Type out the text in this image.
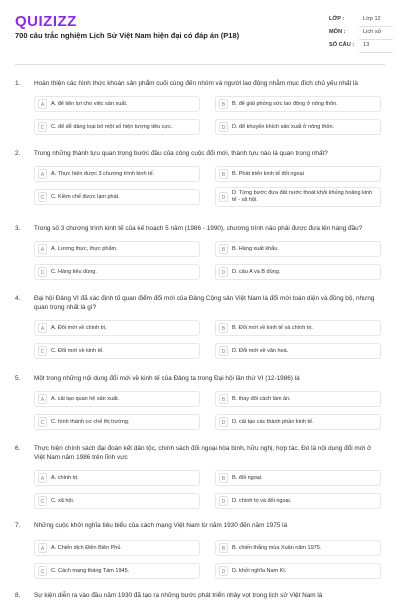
QUIZIZZ
700 câu trắc nghiệm Lịch Sử Việt Nam hiện đại có đáp án (P18)
LỚP :	Lớp 12
MÔN :	Lịch sử
SỐ CÂU : 13
1. Hoàn thiện các hình thức khoán sản phẩm cuối cùng đến nhóm và người lao động nhằm mục đích chủ yếu nhất là
A	A. để tiện lợi cho việc sản xuất.	B	B. để giải phóng sức lao động ở nông thôn.
C	C. để dễ dàng loại bỏ một số hiện tượng tiêu cực.	D	D. để khuyến khích sản xuất ở nông thôn.
2. Trong những thành tựu quan trọng bước đầu của công cuộc đổi mới, thành tựu nào là quan trọng nhất?
A	A. Thực hiện được 3 chương trình kinh tế.	B	B. Phát triển kinh tế đối ngoại
C	C. Kiềm chế được lạm phát.	D
D. Từng bước đưa đất nước thoát khỏi khủng hoảng kinh tế - xã hội.
3. Trong số 3 chương trình kinh tế của kế hoạch 5 năm (1986 - 1990), chương trình nào phải được đưa lên hàng đầu?
A	A. Lương thực, thực phẩm.	B	B. Hàng xuất khẩu.
C	C. Hàng tiêu dùng.	D	D. câu A và B đúng.
4. Đại hội Đảng VI đã xác định tố quan điểm đổi mới của Đảng Cộng sản Việt Nam là đổi mới toàn diện và đồng bộ, nhưng quan trọng nhất là gì?
A	A. Đổi mới về chính trị.	B	B. Đổi mới về kinh tế và chính trị.
C	C. Đổi mới về kinh tế.	D	D. Đổi mới về văn hoá.
5. Một trong những nội dung đổi mới về kinh tế của Đảng ta trong Đại hội lần thứ VI (12-1986) là
A	A. cải tạo quan hệ sản xuất.	B	B. thay đổi cách làm ăn.
C	C. hình thành cơ chế thị trường.	D	D. cải tạo các thành phần kinh tế.
6. Thực hiện chính sách đại đoàn kết dân tộc, chính sách đối ngoại hòa bình, hữu nghị, hợp tác. Đó là nội dung đổi mới ở Việt Nam năm 1986 trên lĩnh vực
A	A. chính trị.	B	B. đối ngoại.
C	C. xã hội.	D	D. chính trị và đối ngoại.
7. Những cuộc khởi nghĩa tiêu biểu của cách mạng Việt Nam từ năm 1930 đến năm 1975 là
A	A. Chiến dịch Điện Biên Phủ.	B	B. chiến thắng mùa Xuân năm 1975.
C	C. Cách mạng tháng Tám 1945.	D	D. khởi nghĩa Nam Kì.
8. Sự kiện diễn ra vào đầu năm 1930 đã tạo ra những bước phát triển nhảy vọt trong lịch sử Việt Nam là
